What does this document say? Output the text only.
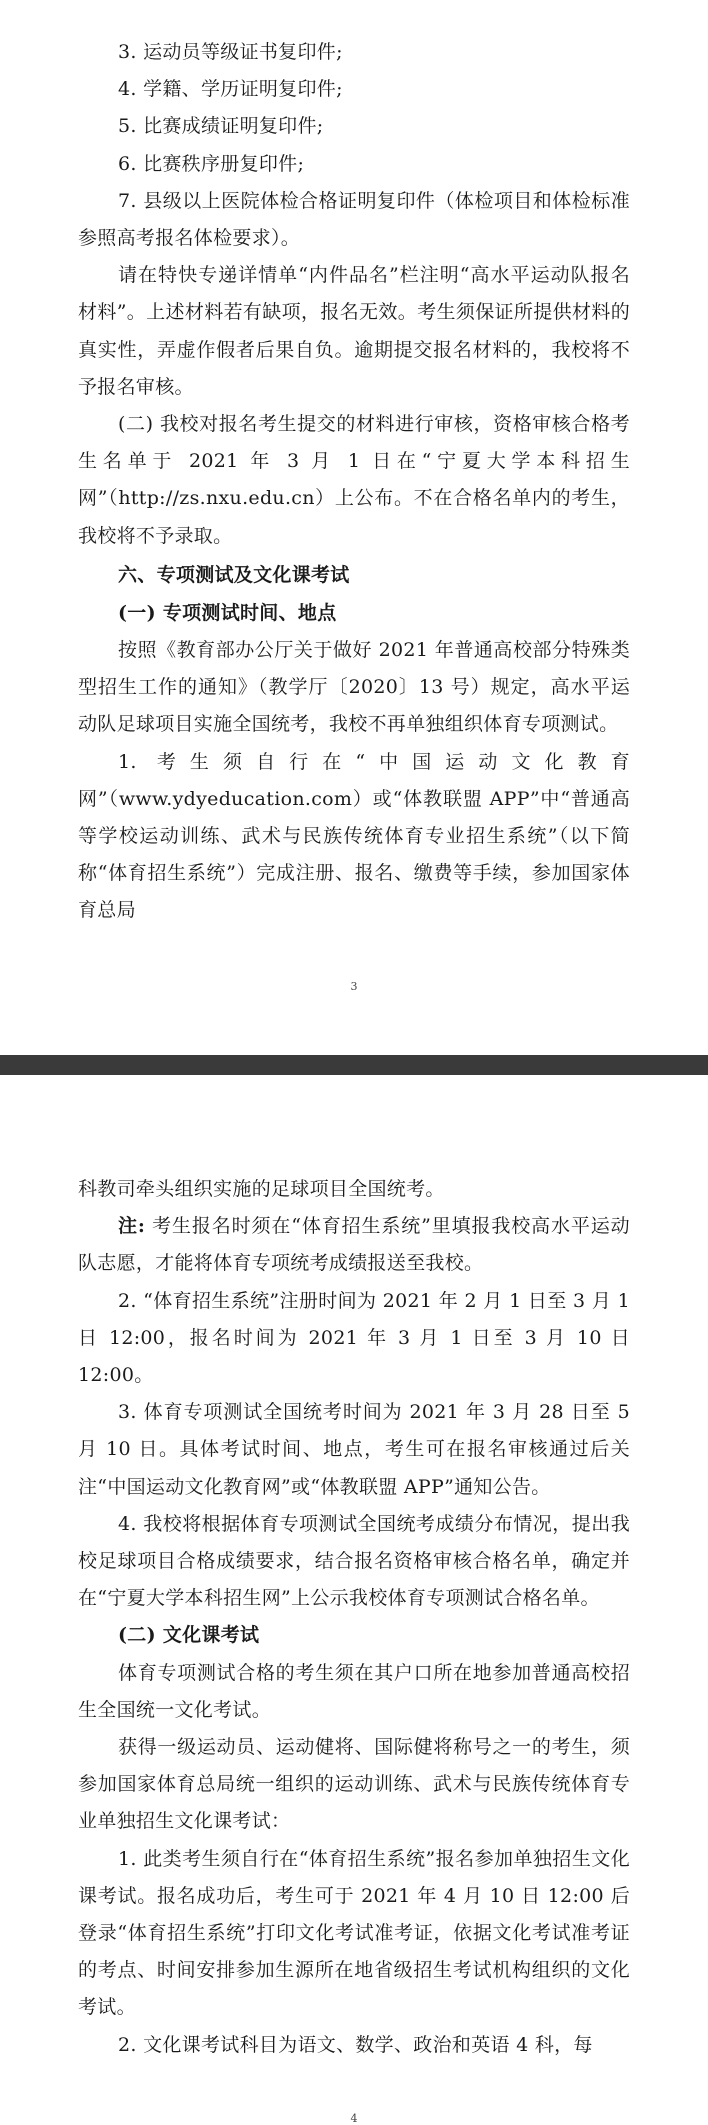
3. 运动员等级证书复印件;

4. 学籍、学历证明复印件;

5. 比赛成绩证明复印件;

6. 比赛秩序册复印件;

7. 县级以上医院体检合格证明复印件（体检项目和体检标准参照高考报名体检要求）。

请在特快专递详情单“内件品名”栏注明“高水平运动队报名材料”。上述材料若有缺项，报名无效。考生须保证所提供材料的真实性，弄虚作假者后果自负。逾期提交报名材料的，我校将不予报名审核。

(二) 我校对报名考生提交的材料进行审核，资格审核合格考生名单于 2021 年 3 月 1 日在“宁夏大学本科招生网”（http://zs.nxu.edu.cn）上公布。不在合格名单内的考生，我校将不予录取。

六、专项测试及文化课考试

(一) 专项测试时间、地点

按照《教育部办公厅关于做好 2021 年普通高校部分特殊类型招生工作的通知》（教学厅〔2020〕13 号）规定，高水平运动队足球项目实施全国统考，我校不再单独组织体育专项测试。

1. 考生须自行在“中国运动文化教育网”（www.ydyeducation.com）或“体教联盟 APP”中“普通高等学校运动训练、武术与民族传统体育专业招生系统”（以下简称“体育招生系统”）完成注册、报名、缴费等手续，参加国家体育总局

3

科教司牵头组织实施的足球项目全国统考。

注: 考生报名时须在“体育招生系统”里填报我校高水平运动队志愿，才能将体育专项统考成绩报送至我校。

2. “体育招生系统”注册时间为 2021 年 2 月 1 日至 3 月 1 日 12:00，报名时间为 2021 年 3 月 1 日至 3 月 10 日 12:00。

3. 体育专项测试全国统考时间为 2021 年 3 月 28 日至 5 月 10 日。具体考试时间、地点，考生可在报名审核通过后关注“中国运动文化教育网”或“体教联盟 APP”通知公告。

4. 我校将根据体育专项测试全国统考成绩分布情况，提出我校足球项目合格成绩要求，结合报名资格审核合格名单，确定并在“宁夏大学本科招生网”上公示我校体育专项测试合格名单。

(二) 文化课考试

体育专项测试合格的考生须在其户口所在地参加普通高校招生全国统一文化考试。

获得一级运动员、运动健将、国际健将称号之一的考生，须参加国家体育总局统一组织的运动训练、武术与民族传统体育专业单独招生文化课考试：

1. 此类考生须自行在“体育招生系统”报名参加单独招生文化课考试。报名成功后，考生可于 2021 年 4 月 10 日 12:00 后登录“体育招生系统”打印文化考试准考证，依据文化考试准考证的考点、时间安排参加生源所在地省级招生考试机构组织的文化考试。

2. 文化课考试科目为语文、数学、政治和英语 4 科，每

4
